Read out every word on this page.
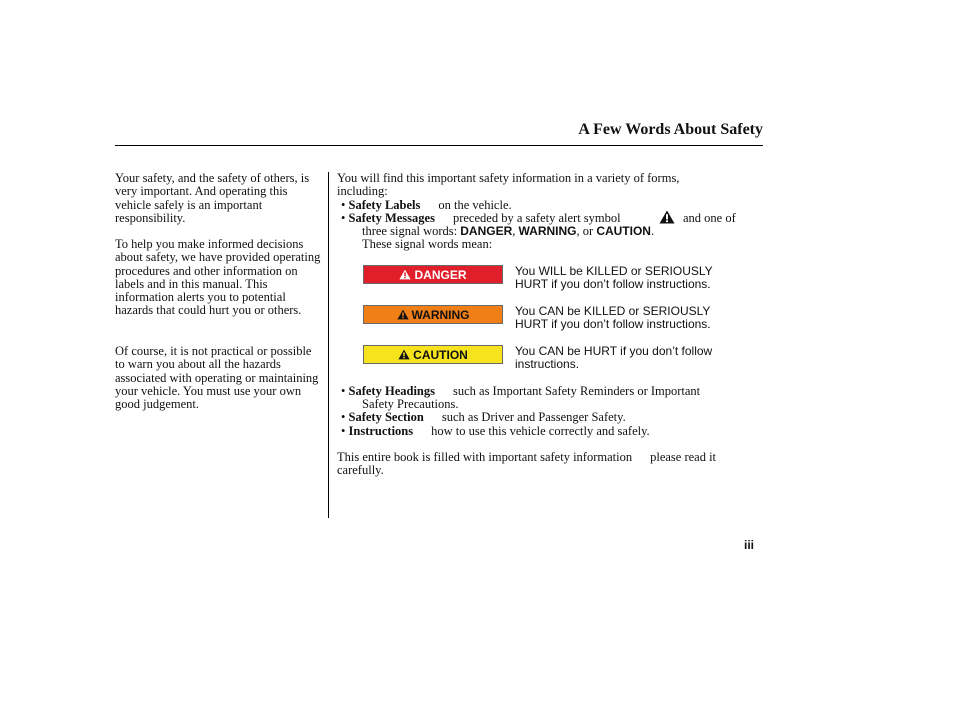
A Few Words About Safety

Your safety, and the safety of others, is very important. And operating this vehicle safely is an important responsibility.

To help you make informed decisions about safety, we have provided operating procedures and other information on labels and in this manual. This information alerts you to potential hazards that could hurt you or others.

Of course, it is not practical or possible to warn you about all the hazards associated with operating or maintaining your vehicle. You must use your own good judgement.

You will find this important safety information in a variety of forms,
including:
• Safety Labels on the vehicle.
• Safety Messages preceded by a safety alert symbol	and one of
three signal words: DANGER, WARNING, or CAUTION.
These signal words mean:
DANGER	You WILL be KILLED or SERIOUSLY
HURT if you don’t follow instructions.
WARNING	You CAN be KILLED or SERIOUSLY
HURT if you don’t follow instructions.
CAUTION	You CAN be HURT if you don’t follow
instructions.
• Safety Headings such as Important Safety Reminders or Important
Safety Precautions.
• Safety Section such as Driver and Passenger Safety.
• Instructions how to use this vehicle correctly and safely.
This entire book is filled with important safety information please read it
carefully.
iii
